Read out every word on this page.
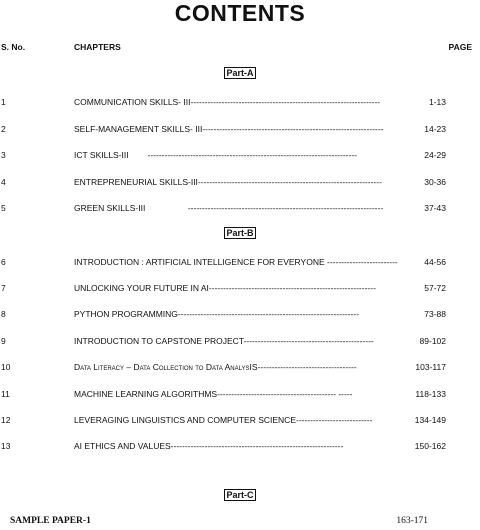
CONTENTS
S. No.	CHAPTERS	PAGE
Part-A
1	COMMUNICATION SKILLS- III-------------------------------------------------------------------	1-13
2	SELF-MANAGEMENT SKILLS- III----------------------------------------------------------------	14-23
3	ICT SKILLS-III        --------------------------------------------------------------------------	24-29
4	ENTREPRENEURIAL SKILLS-III-----------------------------------------------------------------	30-36
5	GREEN SKILLS-III                  ---------------------------------------------------------------------	37-43
Part-B
6	INTRODUCTION : ARTIFICIAL INTELLIGENCE FOR EVERYONE -------------------------	44-56
7	UNLOCKING YOUR FUTURE IN AI-----------------------------------------------------------	57-72
8	PYTHON PROGRAMMING----------------------------------------------------------------	73-88
9	INTRODUCTION TO CAPSTONE PROJECT----------------------------------------------	89-102
10	Data Literacy – Data Collection to Data AnalysIS-----------------------------------	103-117
11	MACHINE LEARNING ALGORITHMS------------------------------------------ -----	118-133
12	LEVERAGING LINGUISTICS AND COMPUTER SCIENCE---------------------------	134-149
13	AI ETHICS AND VALUES-------------------------------------------------------------	150-162
Part-C
SAMPLE PAPER-1	163-171
